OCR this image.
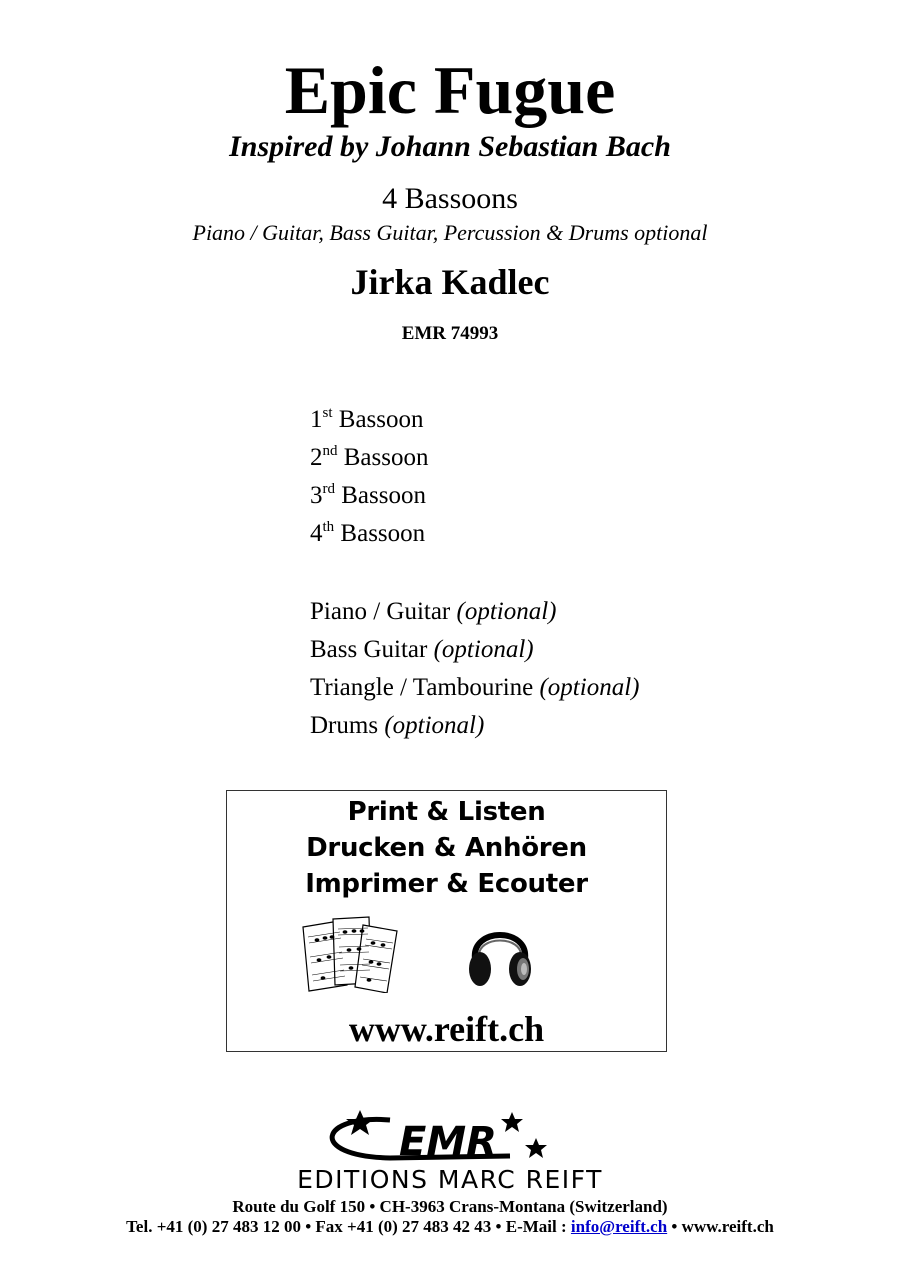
Epic Fugue
Inspired by Johann Sebastian Bach
4 Bassoons
Piano / Guitar, Bass Guitar, Percussion & Drums optional
Jirka Kadlec
EMR 74993
1st Bassoon
2nd Bassoon
3rd Bassoon
4th Bassoon
Piano / Guitar (optional)
Bass Guitar (optional)
Triangle / Tambourine (optional)
Drums (optional)
Print & Listen
Drucken & Anhören
Imprimer & Ecouter
www.reift.ch
EMR
EDITIONS MARC REIFT
Route du Golf 150 • CH-3963 Crans-Montana (Switzerland)
Tel. +41 (0) 27 483 12 00 • Fax +41 (0) 27 483 42 43 • E-Mail : info@reift.ch • www.reift.ch
